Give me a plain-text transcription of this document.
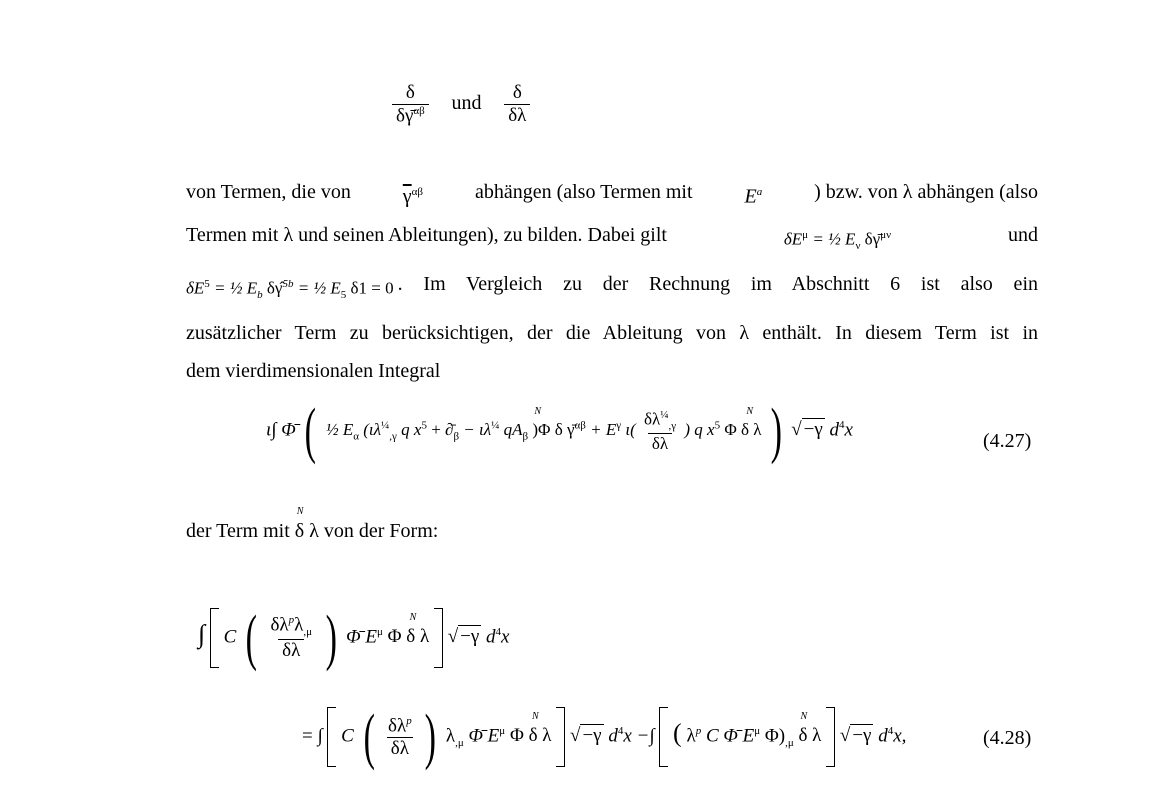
$\frac{\delta}{\delta\gammā^{\alpha\beta}}$ und $\frac{\delta}{\delta\lambda}$
von Termen, die von	$\overline{\gamma}^{\alpha\beta}$	abhängen (also Termen mit	$E^a$	) bzw. von λ abhängen (also
Termen mit λ und seinen Ableitungen), zu bilden. Dabei gilt	$\delta E^\mu$ = ½ $E_\nu$ δγ̄$^{\mu\nu}$	und
$\delta E^5$ = ½ $E_b$ δγ̂$^{5b}$ = ½ $E_5$ δ1 = 0 . Im Vergleich zu der Rechnung im Abschnitt 6 ist also ein
zusätzlicher Term zu berücksichtigen, der die Ableitung von λ enthält. In diesem Term ist in
dem vierdimensionalen Integral
ι∫ Φ̄ ( ½ $E_\alpha$ ($\iota\lambda^{\frac{1}{4}}_{,\gamma}$ q $x^5$ + $\partial̄_\beta - \iota\lambda^{\frac{1}{4}}$ $qA_\beta$
N
)Φ δ γ̄$^{\alpha\beta}$ + $E^\gamma$ $\iota( \frac{\delta\lambda^{\frac{1}{4}}_{,\gamma}}{\delta\lambda}$ ) q $x^5$
N
Φ δ λ ) √ −γ $d^4x$
(4.27)
der Term mit
N
δ λ von der Form:
∫ C ( $\frac{\delta\lambda^p\lambda_{,\mu}}{\delta\lambda}$ ) Φ̄ $E^\mu$
N
Φ δ λ √ −γ $d^4x$
= ∫ C ( $\frac{\delta\lambda^p}{\delta\lambda}$ ) $\lambda_{,\mu}$ Φ̄ $E^\mu$
N
Φ δ λ √ −γ $d^4x$ −∫ ( $\lambda^p$ C Φ̄ $E^\mu$ $\Phi)_{,\mu}$
N
δ λ √ −γ $d^4x$,	(4.28)
